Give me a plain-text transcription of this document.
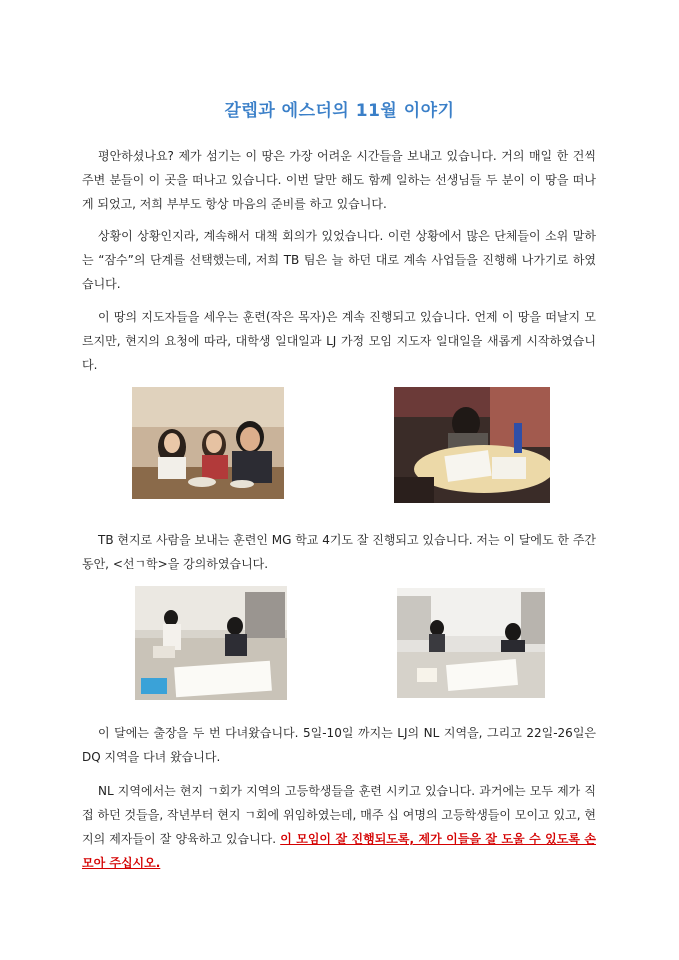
갈렙과 에스더의 11월 이야기

평안하셨나요? 제가 섬기는 이 땅은 가장 어려운 시간들을 보내고 있습니다. 거의 매일 한 건씩 주변 분들이 이 곳을 떠나고 있습니다. 이번 달만 해도 함께 일하는 선생님들 두 분이 이 땅을 떠나게 되었고, 저희 부부도 항상 마음의 준비를 하고 있습니다.

상황이 상황인지라, 계속해서 대책 회의가 있었습니다. 이런 상황에서 많은 단체들이 소위 말하는 “잠수”의 단계를 선택했는데, 저희 TB 팀은 늘 하던 대로 계속 사업들을 진행해 나가기로 하였습니다.

이 땅의 지도자들을 세우는 훈련(작은 목자)은 계속 진행되고 있습니다. 언제 이 땅을 떠날지 모르지만, 현지의 요청에 따라, 대학생 일대일과 LJ 가정 모임 지도자 일대일을 새롭게 시작하였습니다.

TB 현지로 사람을 보내는 훈련인 MG 학교 4기도 잘 진행되고 있습니다. 저는 이 달에도 한 주간 동안, <선ㄱ학>을 강의하였습니다.

이 달에는 출장을 두 번 다녀왔습니다. 5일-10일 까지는 LJ의 NL 지역을, 그리고 22일-26일은 DQ 지역을 다녀 왔습니다.

NL 지역에서는 현지 ㄱ회가 지역의 고등학생들을 훈련 시키고 있습니다. 과거에는 모두 제가 직접 하던 것들을, 작년부터 현지 ㄱ회에 위임하였는데, 매주 십 여명의 고등학생들이 모이고 있고, 현지의 제자들이 잘 양육하고 있습니다. 이 모임이 잘 진행되도록, 제가 이들을 잘 도울 수 있도록 손 모아 주십시오.
